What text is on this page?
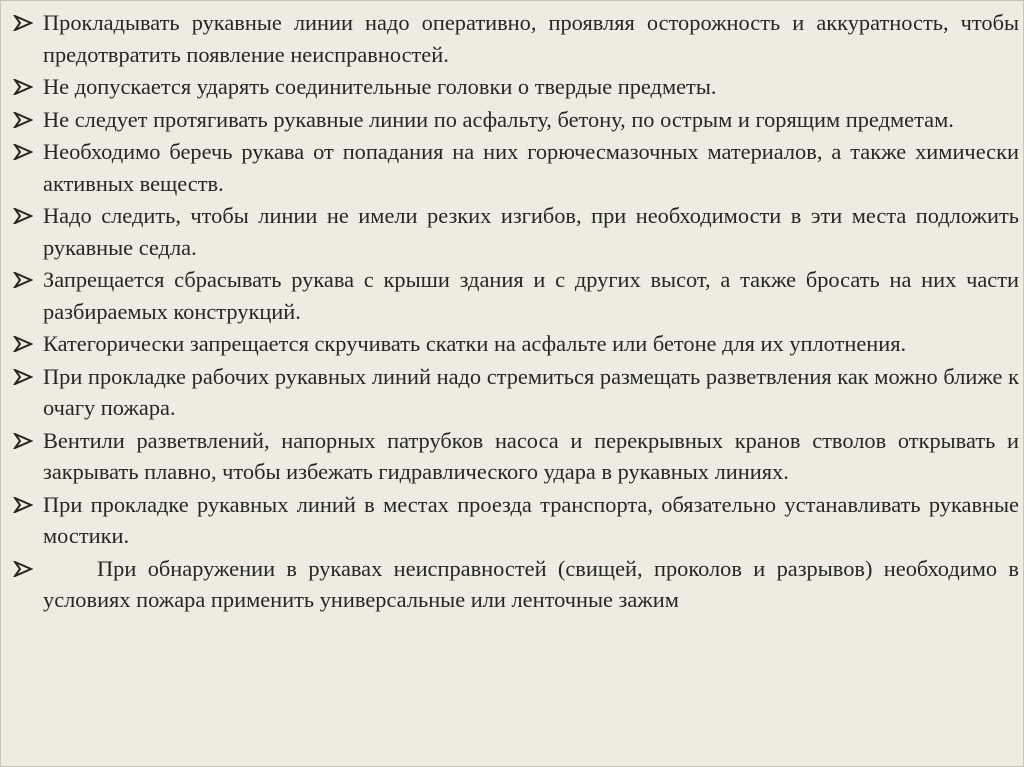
Прокладывать рукавные линии надо оперативно, проявляя осторожность и аккуратность, чтобы предотвратить появление неисправностей.
Не допускается ударять соединительные головки о твердые предметы.
Не следует протягивать рукавные линии по асфальту, бетону, по острым и горящим предметам.
Необходимо беречь рукава от попадания на них горючесмазочных материалов, а также химически активных веществ.
Надо следить, чтобы линии не имели резких изгибов, при необходимости в эти места подложить рукавные седла.
Запрещается сбрасывать рукава с крыши здания и с других высот, а также бросать на них части разбираемых конструкций.
Категорически запрещается скручивать скатки на асфальте или бетоне для их уплотнения.
При прокладке рабочих рукавных линий надо стремиться размещать разветвления как можно ближе к очагу пожара.
Вентили разветвлений, напорных патрубков насоса и перекрывных кранов стволов открывать и закрывать плавно, чтобы избежать гидравлического удара в рукавных линиях.
При прокладке рукавных линий в местах проезда транспорта, обязательно устанавливать рукавные мостики.
При обнаружении в рукавах неисправностей (свищей, проколов и разрывов) необходимо в условиях пожара применить универсальные или ленточные зажим
